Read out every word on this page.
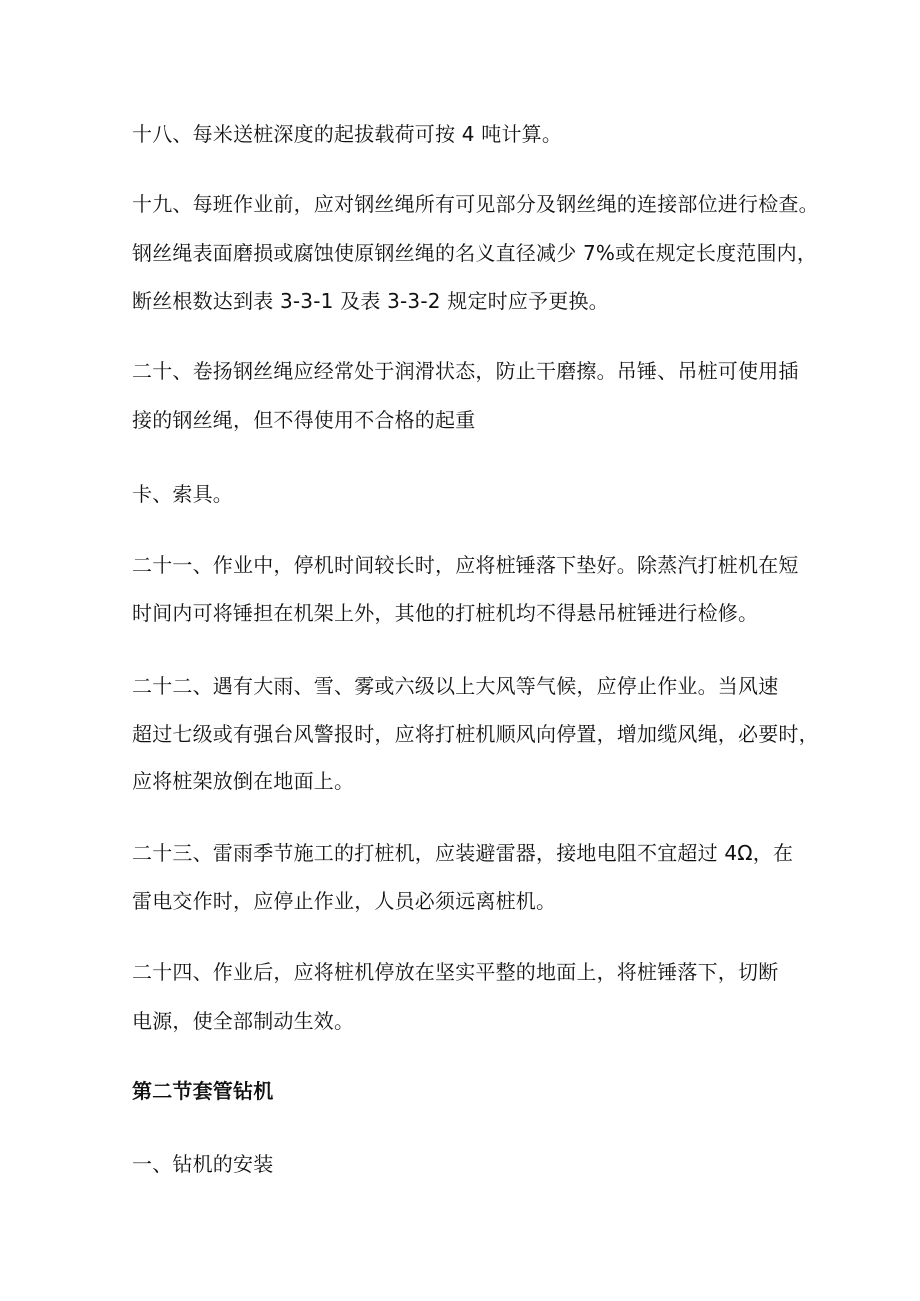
十八、每米送桩深度的起拔载荷可按 4 吨计算。
十九、每班作业前，应对钢丝绳所有可见部分及钢丝绳的连接部位进行检查。
钢丝绳表面磨损或腐蚀使原钢丝绳的名义直径减少 7%或在规定长度范围内，
断丝根数达到表 3-3-1 及表 3-3-2 规定时应予更换。
二十、卷扬钢丝绳应经常处于润滑状态，防止干磨擦。吊锤、吊桩可使用插
接的钢丝绳，但不得使用不合格的起重
卡、索具。
二十一、作业中，停机时间较长时，应将桩锤落下垫好。除蒸汽打桩机在短
时间内可将锤担在机架上外，其他的打桩机均不得悬吊桩锤进行检修。
二十二、遇有大雨、雪、雾或六级以上大风等气候，应停止作业。当风速
超过七级或有强台风警报时，应将打桩机顺风向停置，增加缆风绳，必要时，
应将桩架放倒在地面上。
二十三、雷雨季节施工的打桩机，应装避雷器，接地电阻不宜超过 4Ω，在
雷电交作时，应停止作业，人员必须远离桩机。
二十四、作业后，应将桩机停放在坚实平整的地面上，将桩锤落下，切断
电源，使全部制动生效。
第二节套管钻机
一、钻机的安装
